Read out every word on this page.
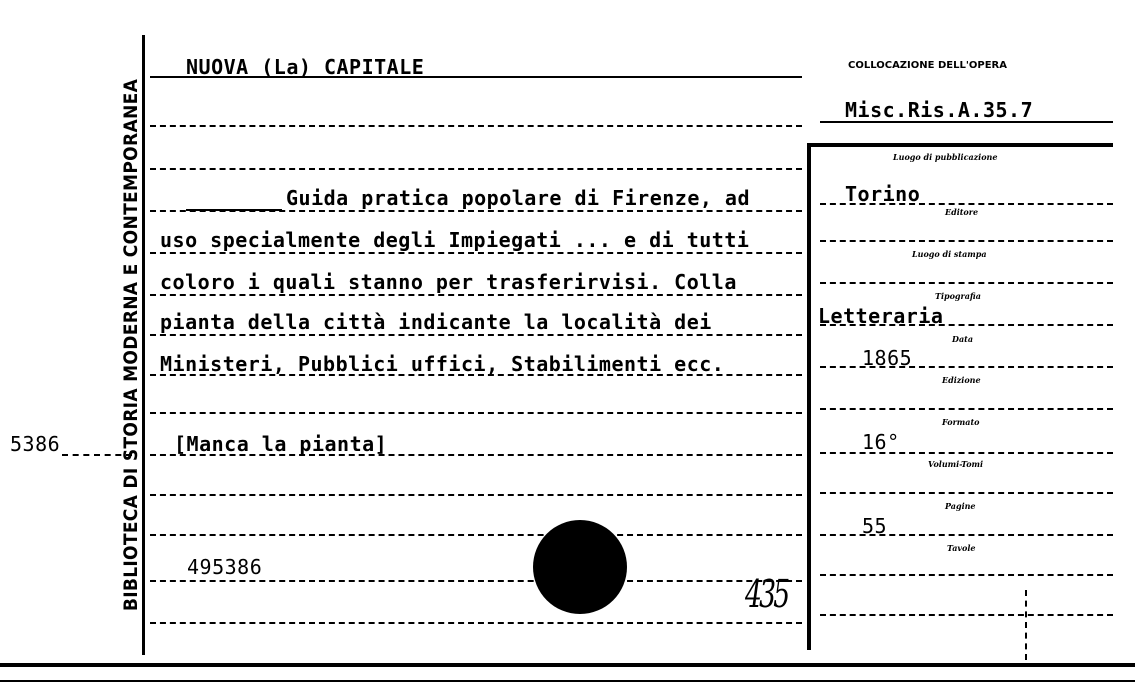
BIBLIOTECA DI STORIA MODERNA E CONTEMPORANEA
5386
NUOVA (La) CAPITALE	COLLOCAZIONE DELL'OPERA
Misc.Ris.A.35.7
Guida pratica popolare di Firenze, ad
uso specialmente degli Impiegati ... e di tutti
coloro i quali stanno per trasferirvisi. Colla
pianta della città indicante la località dei
Ministeri, Pubblici uffici, Stabilimenti ecc.
[Manca la pianta]
495386
435
Luogo di pubblicazione
Torino
Editore
Luogo di stampa
Tipografia
Letteraria
Data
1865
Edizione
Formato
16°
Volumi-Tomi
Pagine
55
Tavole
